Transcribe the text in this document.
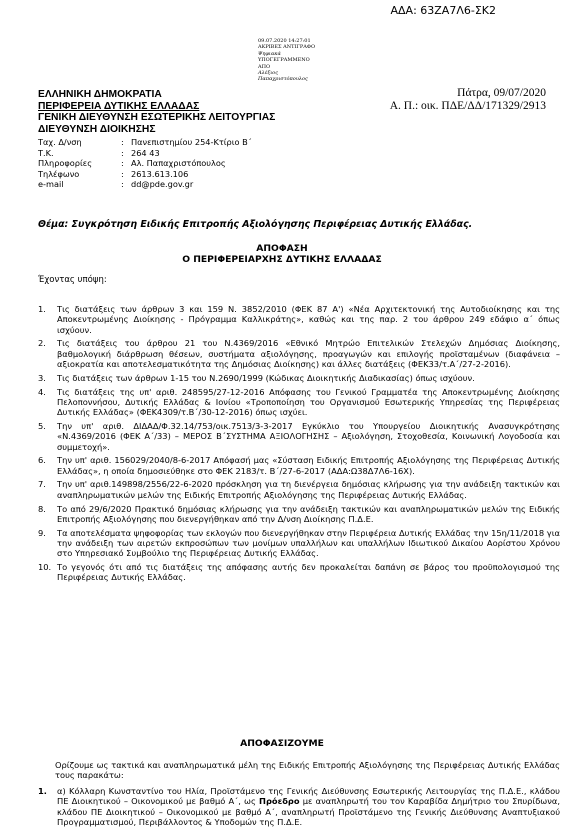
ΑΔΑ: 63ΖΑ7Λ6-ΣΚ2
09.07.2020 14:27:01
ΑΚΡΙΒΕΣ ΑΝΤΙΓΡΑΦΟ
Ψηφιακά
ΥΠΟΓΕΓΡΑΜΜΕΝΟ
ΑΠΟ
Αλέξιος
Παπαχριστόπουλος
ΕΛΛΗΝΙΚΗ ΔΗΜΟΚΡΑΤΙΑ
ΠΕΡΙΦΕΡΕΙΑ ΔΥΤΙΚΗΣ ΕΛΛΑΔΑΣ
ΓΕΝΙΚΗ ΔΙΕΥΘΥΝΣΗ ΕΣΩΤΕΡΙΚΗΣ ΛΕΙΤΟΥΡΓΙΑΣ
ΔΙΕΥΘΥΝΣΗ ΔΙΟΙΚΗΣΗΣ
Πάτρα, 09/07/2020
Α. Π.: οικ. ΠΔΕ/ΔΔ/171329/2913
Ταχ. Δ/νση	: Πανεπιστημίου 254-Κτίριο Β΄
Τ.Κ.	: 264 43
Πληροφορίες	: Αλ. Παπαχριστόπουλος
Τηλέφωνο	: 2613.613.106
e-mail	: dd@pde.gov.gr
Θέμα: Συγκρότηση Ειδικής Επιτροπής Αξιολόγησης Περιφέρειας Δυτικής Ελλάδας.
ΑΠΟΦΑΣΗ
Ο ΠΕΡΙΦΕΡΕΙΑΡΧΗΣ ΔΥΤΙΚΗΣ ΕΛΛΑΔΑΣ
Έχοντας υπόψη:
1.	Τις διατάξεις των άρθρων 3 και 159 Ν. 3852/2010 (ΦΕΚ 87 Α') «Νέα Αρχιτεκτονική της Αυτοδιοίκησης και της Αποκεντρωμένης Διοίκησης - Πρόγραμμα Καλλικράτης», καθώς και της παρ. 2 του άρθρου 249 εδάφιο α΄ όπως ισχύουν.
2.	Τις διατάξεις του άρθρου 21 του Ν.4369/2016 «Εθνικό Μητρώο Επιτελικών Στελεχών Δημόσιας Διοίκησης, βαθμολογική διάρθρωση θέσεων, συστήματα αξιολόγησης, προαγωγών και επιλογής προϊσταμένων (διαφάνεια – αξιοκρατία και αποτελεσματικότητα της Δημόσιας Διοίκησης) και άλλες διατάξεις (ΦΕΚ33/τ.Α΄/27-2-2016).
3.	Τις διατάξεις των άρθρων 1-15 του Ν.2690/1999 (Κώδικας Διοικητικής Διαδικασίας) όπως ισχύουν.
4.	Τις διατάξεις της υπ' αριθ. 248595/27-12-2016 Απόφασης του Γενικού Γραμματέα της Αποκεντρωμένης Διοίκησης Πελοποννήσου, Δυτικής Ελλάδας & Ιονίου «Τροποποίηση του Οργανισμού Εσωτερικής Υπηρεσίας της Περιφέρειας Δυτικής Ελλάδας» (ΦΕΚ4309/τ.Β΄/30-12-2016) όπως ισχύει.
5.	Την υπ' αριθ. ΔΙΔΑΔ/Φ.32.14/753/οικ.7513/3-3-2017 Εγκύκλιο του Υπουργείου Διοικητικής Ανασυγκρότησης «Ν.4369/2016 (ΦΕΚ Α΄/33) – ΜΕΡΟΣ Β΄ΣΥΣΤΗΜΑ ΑΞΙΟΛΟΓΗΣΗΣ – Αξιολόγηση, Στοχοθεσία, Κοινωνική Λογοδοσία και συμμετοχή».
6.	Την υπ' αριθ. 156029/2040/8-6-2017 Απόφασή μας «Σύσταση Ειδικής Επιτροπής Αξιολόγησης της Περιφέρειας Δυτικής Ελλάδας», η οποία δημοσιεύθηκε στο ΦΕΚ 2183/τ. Β΄/27-6-2017 (ΑΔΑ:Ω38Δ7Λ6-16Χ).
7.	Την υπ' αριθ.149898/2556/22-6-2020 πρόσκληση για τη διενέργεια δημόσιας κλήρωσης για την ανάδειξη τακτικών και αναπληρωματικών μελών της Ειδικής Επιτροπής Αξιολόγησης της Περιφέρειας Δυτικής Ελλάδας.
8.	Το από 29/6/2020 Πρακτικό δημόσιας κλήρωσης για την ανάδειξη τακτικών και αναπληρωματικών μελών της Ειδικής Επιτροπής Αξιολόγησης που διενεργήθηκαν από την Δ/νση Διοίκησης Π.Δ.Ε.
9.	Τα αποτελέσματα ψηφοφορίας των εκλογών που διενεργήθηκαν στην Περιφέρεια Δυτικής Ελλάδας την 15η/11/2018 για την ανάδειξη των αιρετών εκπροσώπων των μονίμων υπαλλήλων και υπαλλήλων Ιδιωτικού Δικαίου Αορίστου Χρόνου στο Υπηρεσιακό Συμβούλιο της Περιφέρειας Δυτικής Ελλάδας.
10. Το γεγονός ότι από τις διατάξεις της απόφασης αυτής δεν προκαλείται δαπάνη σε βάρος του προϋπολογισμού της Περιφέρειας Δυτικής Ελλάδας.
ΑΠΟΦΑΣΙΖΟΥΜΕ
Ορίζουμε ως τακτικά και αναπληρωματικά μέλη της Ειδικής Επιτροπής Αξιολόγησης της Περιφέρειας Δυτικής Ελλάδας τους παρακάτω:
1.	α) Κόλλαρη Κωνσταντίνο του Ηλία, Προϊστάμενο της Γενικής Διεύθυνσης Εσωτερικής Λειτουργίας της Π.Δ.Ε., κλάδου ΠΕ Διοικητικού – Οικονομικού με βαθμό Α΄, ως Πρόεδρο με αναπληρωτή του τον Καραβίδα Δημήτριο του Σπυρίδωνα, κλάδου ΠΕ Διοικητικού – Οικονομικού με βαθμό Α΄, αναπληρωτή Προϊστάμενο της Γενικής Διεύθυνσης Αναπτυξιακού Προγραμματισμού, Περιβάλλοντος & Υποδομών της Π.Δ.Ε.
